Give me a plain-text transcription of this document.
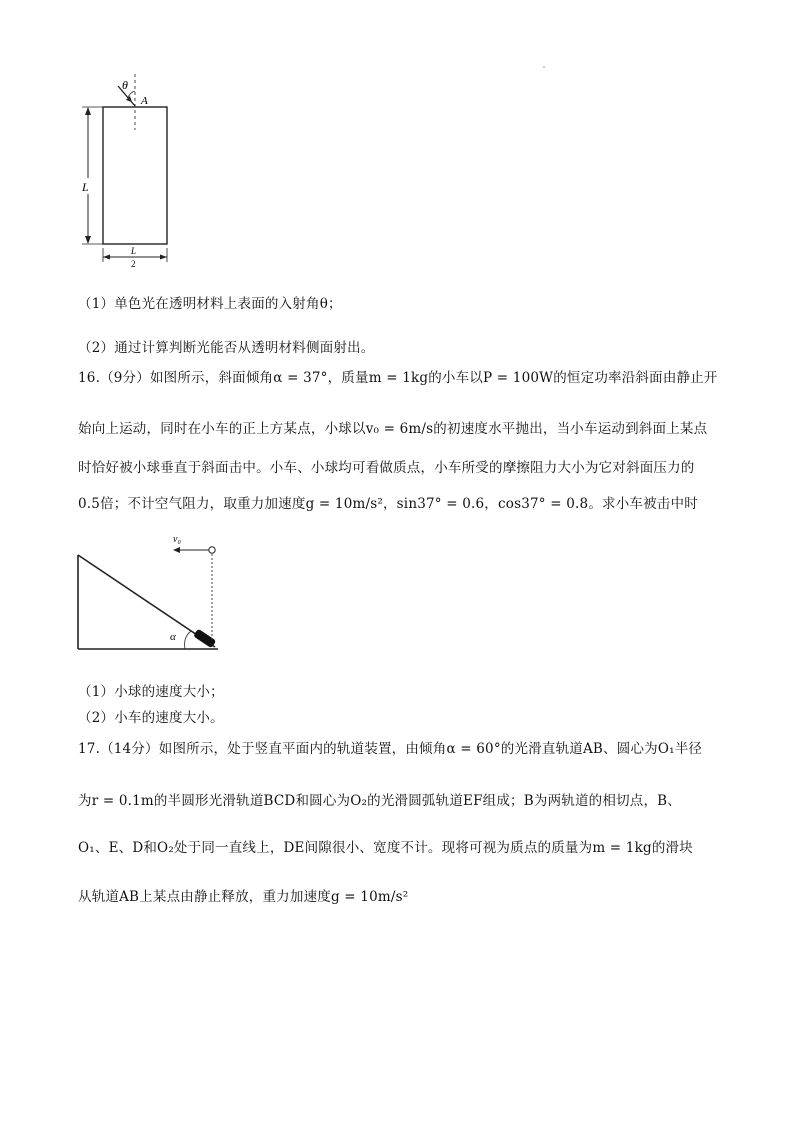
θ
A
L
L
2
（1）单色光在透明材料上表面的入射角θ；
（2）通过计算判断光能否从透明材料侧面射出。
16.（9分）如图所示，斜面倾角α = 37°，质量m = 1kg的小车以P = 100W的恒定功率沿斜面由静止开
始向上运动，同时在小车的正上方某点，小球以v₀ = 6m/s的初速度水平抛出，当小车运动到斜面上某点
时恰好被小球垂直于斜面击中。小车、小球均可看做质点，小车所受的摩擦阻力大小为它对斜面压力的
0.5倍；不计空气阻力，取重力加速度g = 10m/s²，sin37° = 0.6，cos37° = 0.8。求小车被击中时
α
v₀
（1）小球的速度大小；
（2）小车的速度大小。
17.（14分）如图所示，处于竖直平面内的轨道装置，由倾角α = 60°的光滑直轨道AB、圆心为O₁半径
为r = 0.1m的半圆形光滑轨道BCD和圆心为O₂的光滑圆弧轨道EF组成；B为两轨道的相切点，B、
O₁、E、D和O₂处于同一直线上，DE间隙很小、宽度不计。现将可视为质点的质量为m = 1kg的滑块
从轨道AB上某点由静止释放，重力加速度g = 10m/s²
